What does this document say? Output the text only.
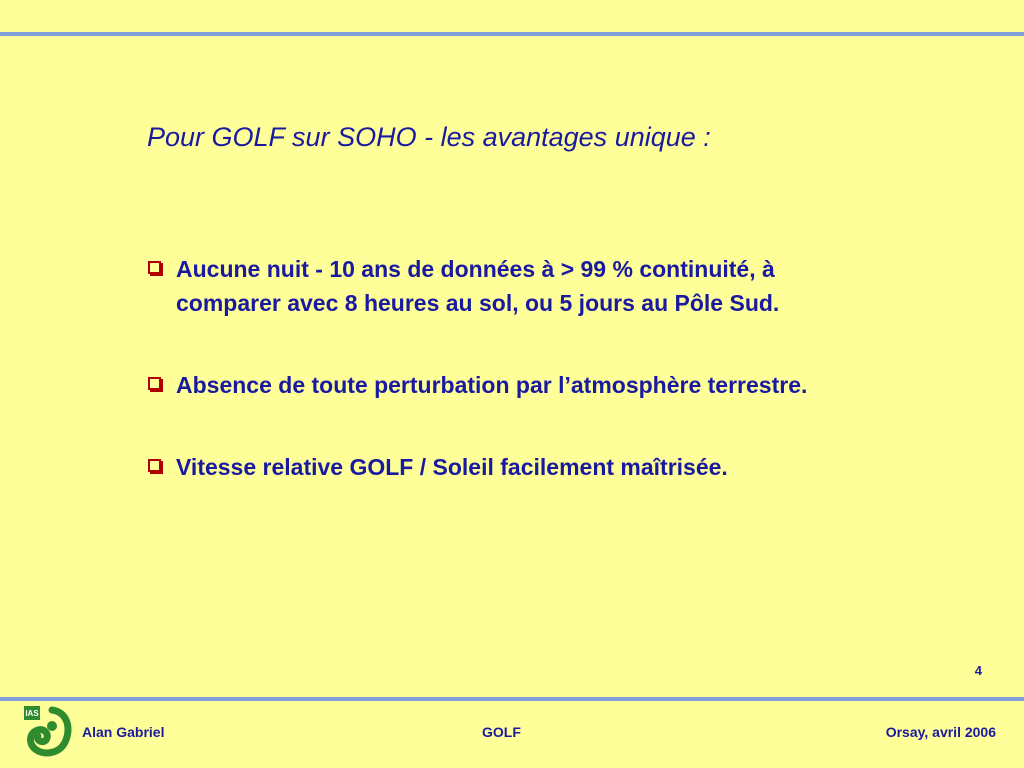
Pour GOLF sur SOHO - les avantages unique :
Aucune nuit - 10 ans de données à > 99 % continuité, à comparer avec 8 heures au sol, ou 5 jours au Pôle Sud.
Absence de toute perturbation par l’atmosphère terrestre.
Vitesse relative GOLF / Soleil facilement maîtrisée.
4
IAS
Alan Gabriel	GOLF	Orsay, avril 2006
